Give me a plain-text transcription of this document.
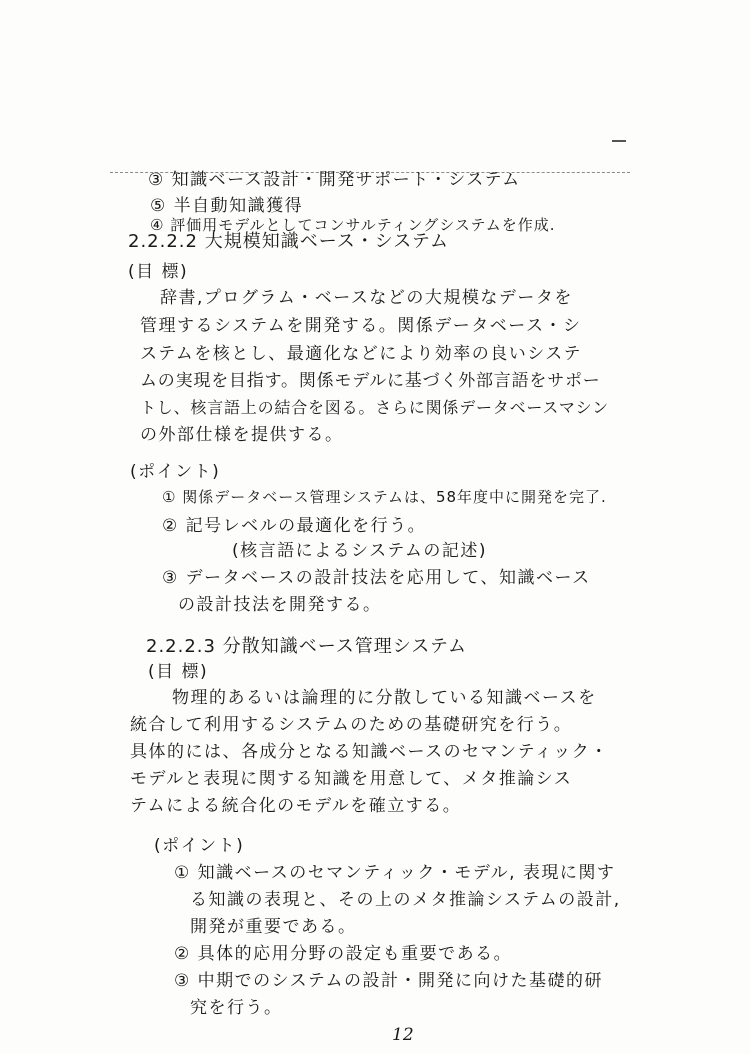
③ 知識ベース設計・開発サポート・システム
⑤ 半自動知識獲得
④ 評価用モデルとしてコンサルティングシステムを作成.
2.2.2.2 大規模知識ベース・システム
(目 標)
辞書,プログラム・ベースなどの大規模なデータを
管理するシステムを開発する。関係データベース・シ
ステムを核とし、最適化などにより効率の良いシステ
ムの実現を目指す。関係モデルに基づく外部言語をサポー
トし、核言語上の結合を図る。さらに関係データベースマシン
の外部仕様を提供する。
(ポイント)
① 関係データベース管理システムは、58年度中に開発を完了.
② 記号レベルの最適化を行う。
(核言語によるシステムの記述)
③ データベースの設計技法を応用して、知識ベース
の設計技法を開発する。
2.2.2.3 分散知識ベース管理システム
(目 標)
物理的あるいは論理的に分散している知識ベースを
統合して利用するシステムのための基礎研究を行う。
具体的には、各成分となる知識ベースのセマンティック・
モデルと表現に関する知識を用意して、メタ推論シス
テムによる統合化のモデルを確立する。
(ポイント)
① 知識ベースのセマンティック・モデル, 表現に関す
る知識の表現と、その上のメタ推論システムの設計,
開発が重要である。
② 具体的応用分野の設定も重要である。
③ 中期でのシステムの設計・開発に向けた基礎的研
究を行う。
12
